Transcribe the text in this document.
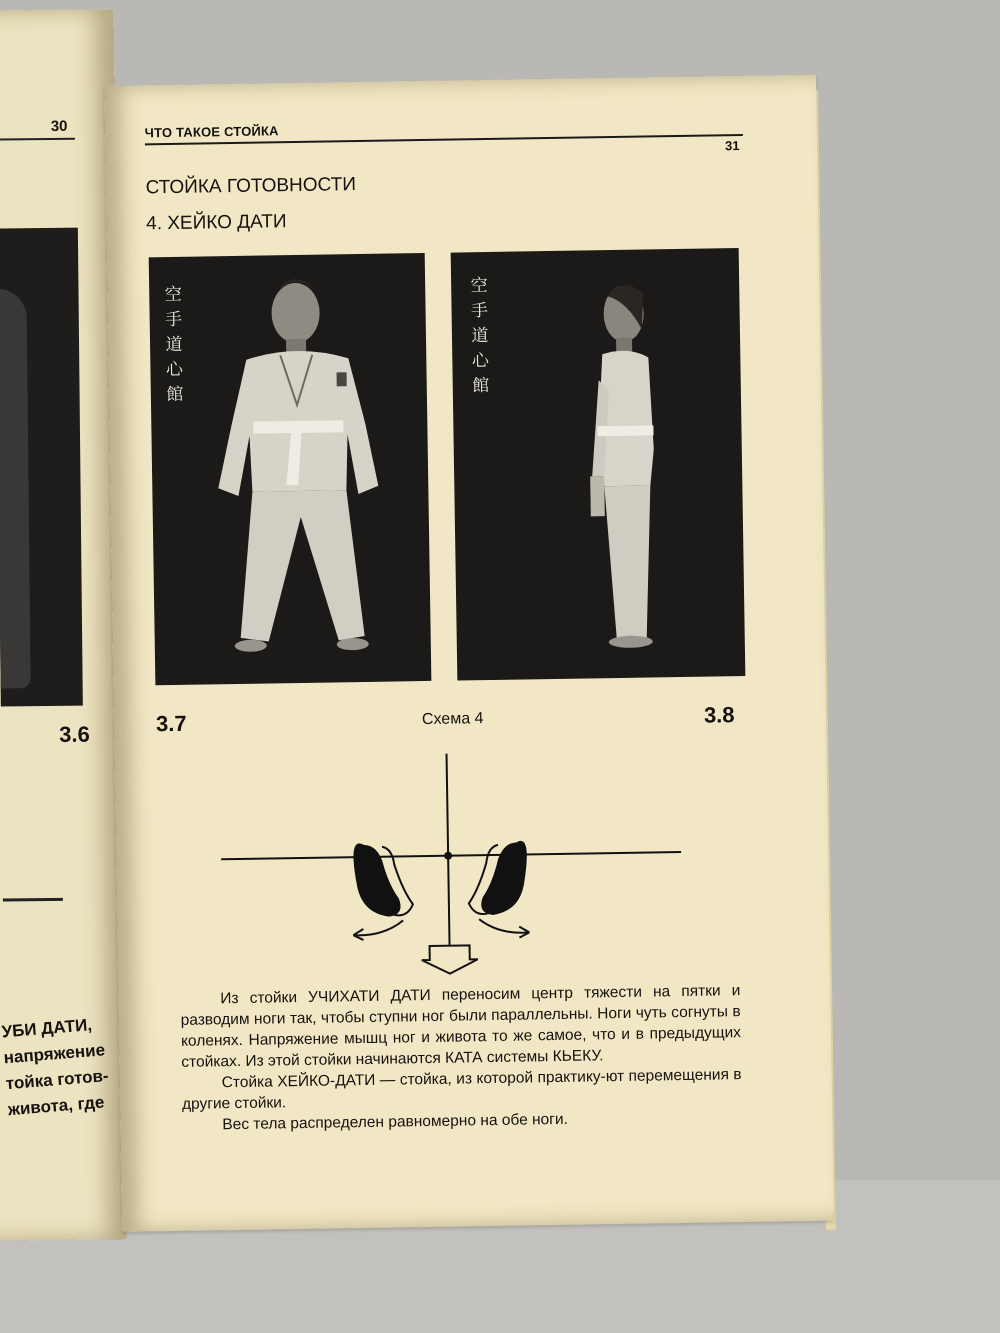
30
3.6
УБИ ДАТИ,
напряжение
тойка готов-
живота, где
ЧТО ТАКОЕ СТОЙКА
31
СТОЙКА ГОТОВНОСТИ
4. ХЕЙКО ДАТИ
空手道心館
空手道心館
3.7	Схема 4	3.8

Из стойки УЧИХАТИ ДАТИ переносим центр тяжести на пятки и разводим ноги так, чтобы ступни ног были параллельны. Ноги чуть согнуты в коленях. Напряжение мышц ног и живота то же самое, что и в предыдущих стойках. Из этой стойки начинаются КАТА системы КЬЕКУ.

Стойка ХЕЙКО-ДАТИ — стойка, из которой практику-ют перемещения в другие стойки.

Вес тела распределен равномерно на обе ноги.
